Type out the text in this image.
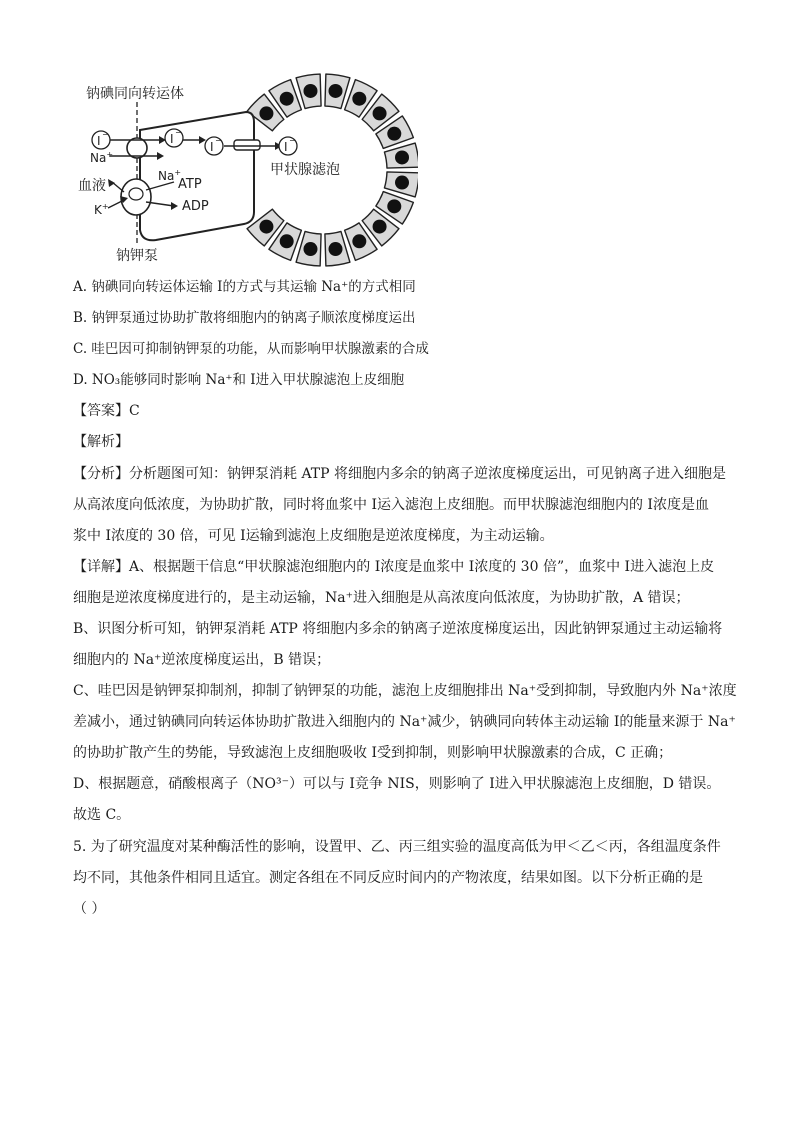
I −	I −
I −	I −
钠碘同向转运体
甲状腺滤泡
血液
钠钾泵
ATP
ADP
Na+
Na+
K+
A. 钠碘同向转运体运输 I的方式与其运输 Na⁺的方式相同
B. 钠钾泵通过协助扩散将细胞内的钠离子顺浓度梯度运出
C. 哇巴因可抑制钠钾泵的功能，从而影响甲状腺激素的合成
D. NO₃能够同时影响 Na⁺和 I进入甲状腺滤泡上皮细胞
【答案】C
【解析】
【分析】分析题图可知：钠钾泵消耗 ATP 将细胞内多余的钠离子逆浓度梯度运出，可见钠离子进入细胞是
从高浓度向低浓度，为协助扩散，同时将血浆中 I运入滤泡上皮细胞。而甲状腺滤泡细胞内的 I浓度是血
浆中 I浓度的 30 倍，可见 I运输到滤泡上皮细胞是逆浓度梯度，为主动运输。
【详解】A、根据题干信息“甲状腺滤泡细胞内的 I浓度是血浆中 I浓度的 30 倍”，血浆中 I进入滤泡上皮
细胞是逆浓度梯度进行的，是主动运输，Na⁺进入细胞是从高浓度向低浓度，为协助扩散，A 错误；
B、识图分析可知，钠钾泵消耗 ATP 将细胞内多余的钠离子逆浓度梯度运出，因此钠钾泵通过主动运输将
细胞内的 Na⁺逆浓度梯度运出，B 错误；
C、哇巴因是钠钾泵抑制剂，抑制了钠钾泵的功能，滤泡上皮细胞排出 Na⁺受到抑制，导致胞内外 Na⁺浓度
差减小，通过钠碘同向转运体协助扩散进入细胞内的 Na⁺减少，钠碘同向转体主动运输 I的能量来源于 Na⁺
的协助扩散产生的势能，导致滤泡上皮细胞吸收 I受到抑制，则影响甲状腺激素的合成，C 正确；
D、根据题意，硝酸根离子（NO³⁻）可以与 I竞争 NIS，则影响了 I进入甲状腺滤泡上皮细胞，D 错误。
故选 C。
5. 为了研究温度对某种酶活性的影响，设置甲、乙、丙三组实验的温度高低为甲＜乙＜丙，各组温度条件
均不同，其他条件相同且适宜。测定各组在不同反应时间内的产物浓度，结果如图。以下分析正确的是
（ ）
